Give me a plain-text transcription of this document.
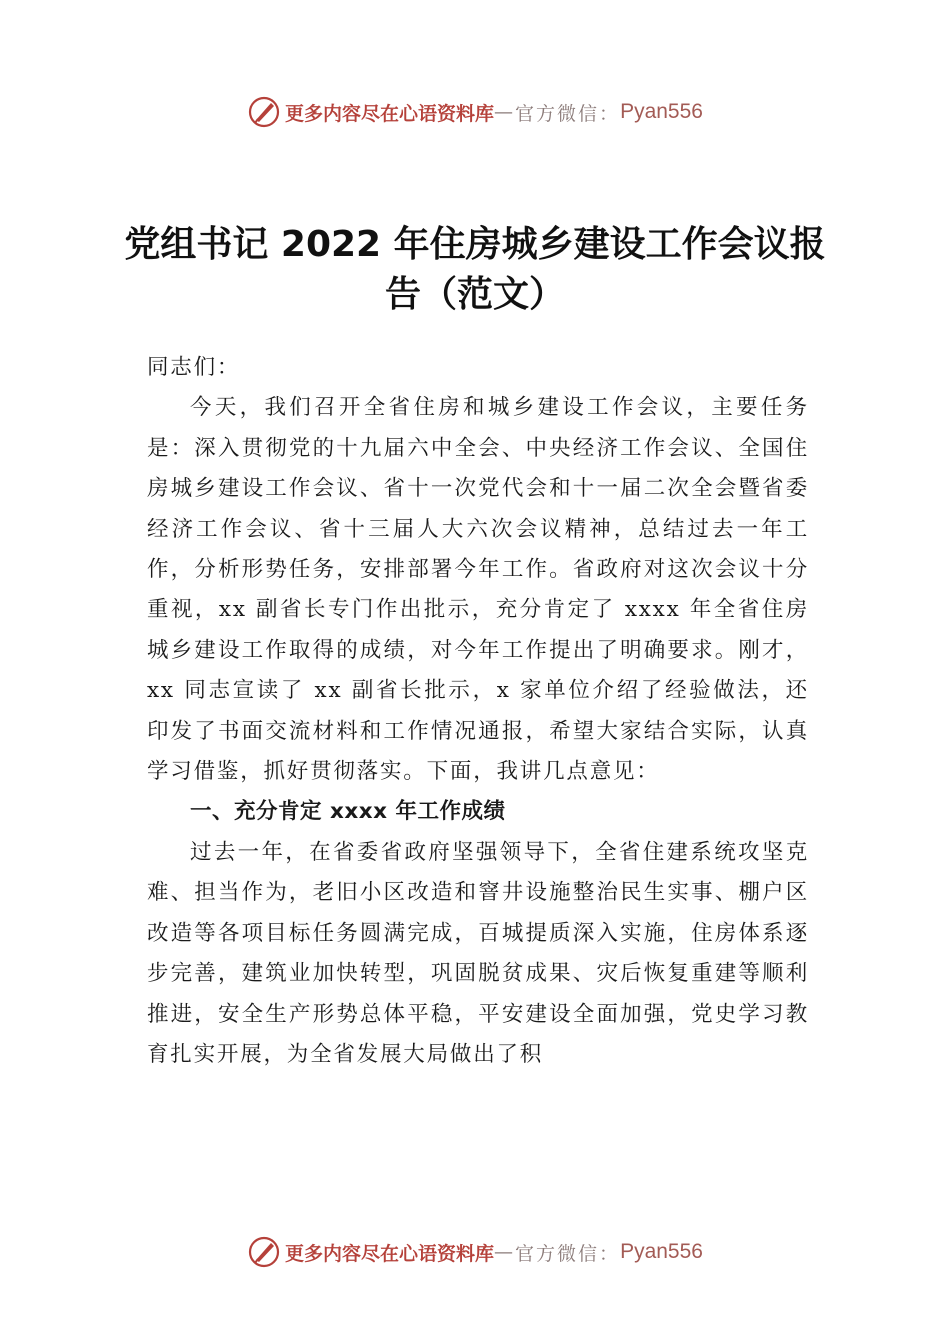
更多内容尽在心语资料库 — 官方微信： Pyan556
党组书记 2022 年住房城乡建设工作会议报
告（范文）

同志们：

今天，我们召开全省住房和城乡建设工作会议，主要任务是：深入贯彻党的十九届六中全会、中央经济工作会议、全国住房城乡建设工作会议、省十一次党代会和十一届二次全会暨省委经济工作会议、省十三届人大六次会议精神，总结过去一年工作，分析形势任务，安排部署今年工作。省政府对这次会议十分重视，xx 副省长专门作出批示，充分肯定了 xxxx 年全省住房城乡建设工作取得的成绩，对今年工作提出了明确要求。刚才，xx 同志宣读了 xx 副省长批示，x 家单位介绍了经验做法，还印发了书面交流材料和工作情况通报，希望大家结合实际，认真学习借鉴，抓好贯彻落实。下面，我讲几点意见：

一、充分肯定 xxxx 年工作成绩

过去一年，在省委省政府坚强领导下，全省住建系统攻坚克难、担当作为，老旧小区改造和窨井设施整治民生实事、棚户区改造等各项目标任务圆满完成，百城提质深入实施，住房体系逐步完善，建筑业加快转型，巩固脱贫成果、灾后恢复重建等顺利推进，安全生产形势总体平稳，平安建设全面加强，党史学习教育扎实开展，为全省发展大局做出了积

更多内容尽在心语资料库 — 官方微信： Pyan556
